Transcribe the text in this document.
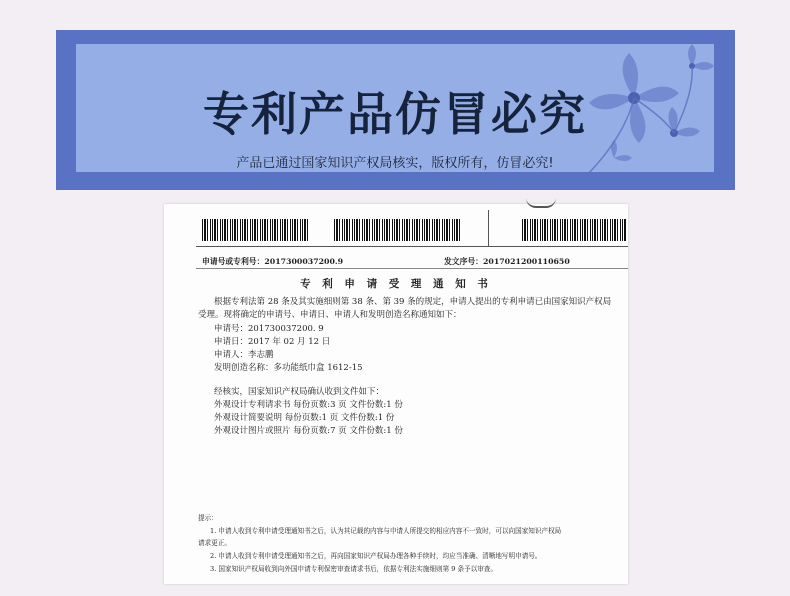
专利产品仿冒必究
产品已通过国家知识产权局核实，版权所有，仿冒必究!
申请号或专利号：2017300037200.9	发文序号：2017021200110650
专 利 申 请 受 理 通 知 书
根据专利法第 28 条及其实施细则第 38 条、第 39 条的规定，申请人提出的专利申请已由国家知识产权局
受理。现将确定的申请号、申请日、申请人和发明创造名称通知如下：
申请号：201730037200. 9
申请日：2017 年 02 月 12 日
申请人：李志鹏
发明创造名称：多功能纸巾盒 1612-15
经核实，国家知识产权局确认收到文件如下：
外观设计专利请求书 每份页数:3 页 文件份数:1 份
外观设计简要说明 每份页数:1 页 文件份数:1 份
外观设计图片或照片 每份页数:7 页 文件份数:1 份
提示：
1. 申请人收到专利申请受理通知书之后，认为其记载的内容与申请人所提交的相应内容不一致时，可以向国家知识产权局
请求更正。
2. 申请人收到专利申请受理通知书之后，再向国家知识产权局办理各种手续时，均应当准确、清晰地写明申请号。
3. 国家知识产权局收到向外国申请专利保密审查请求书后，依据专利法实施细则第 9 条予以审查。
